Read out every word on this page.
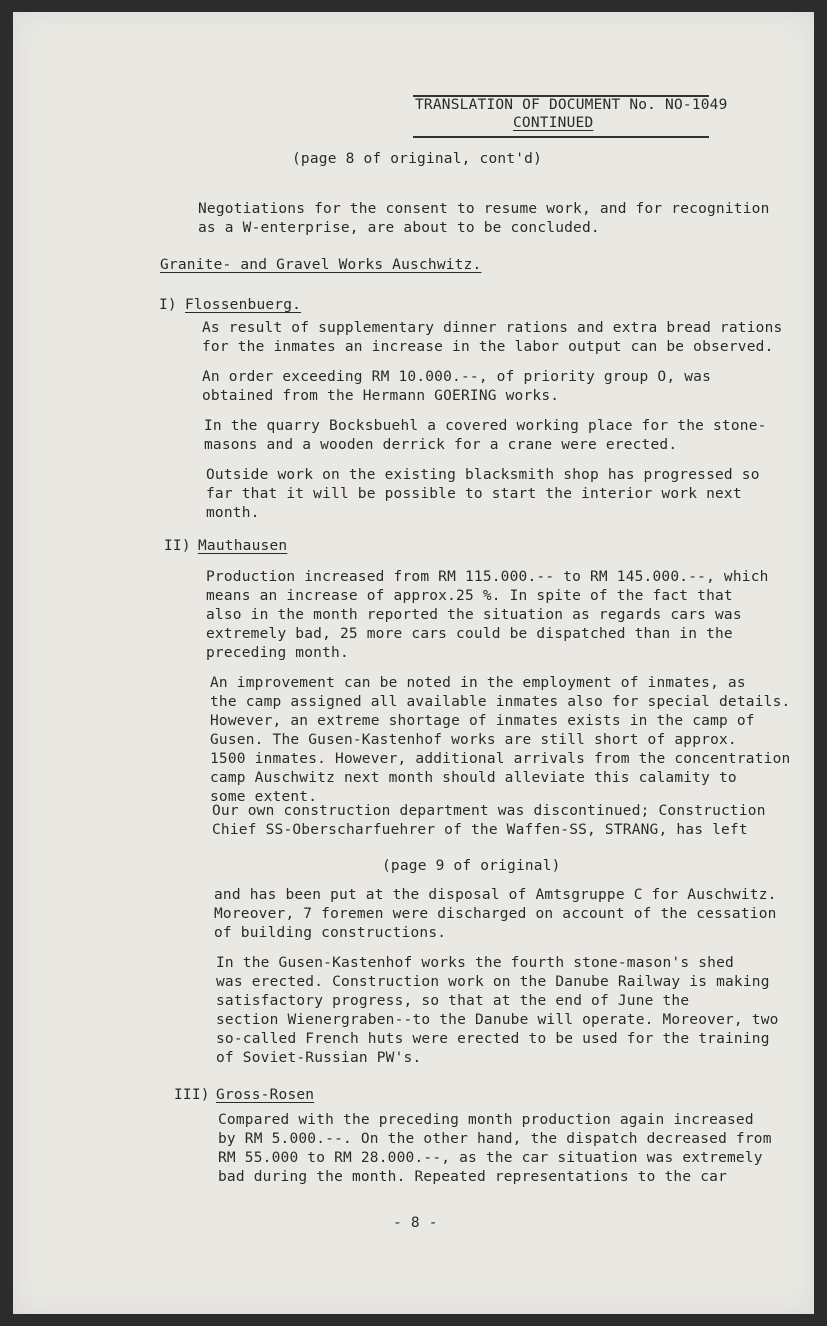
TRANSLATION OF DOCUMENT No. NO-1049
CONTINUED
(page 8 of original, cont'd)
Negotiations for the consent to resume work, and for recognition
as a W-enterprise, are about to be concluded.
Granite- and Gravel Works Auschwitz.
I) Flossenbuerg.
As result of supplementary dinner rations and extra bread rations
for the inmates an increase in the labor output can be observed.
An order exceeding RM 10.000.--, of priority group O, was
obtained from the Hermann GOERING works.
In the quarry Bocksbuehl a covered working place for the stone-
masons and a wooden derrick for a crane were erected.
Outside work on the existing blacksmith shop has progressed so
far that it will be possible to start the interior work next
month.
II) Mauthausen
Production increased from RM 115.000.-- to RM 145.000.--, which
means an increase of approx.25 %. In spite of the fact that
also in the month reported the situation as regards cars was
extremely bad, 25 more cars could be dispatched than in the
preceding month.
An improvement can be noted in the employment of inmates, as
the camp assigned all available inmates also for special details.
However, an extreme shortage of inmates exists in the camp of
Gusen. The Gusen-Kastenhof works are still short of approx.
1500 inmates. However, additional arrivals from the concentration
camp Auschwitz next month should alleviate this calamity to
some extent.
Our own construction department was discontinued; Construction
Chief SS-Oberscharfuehrer of the Waffen-SS, STRANG, has left
(page 9 of original)
and has been put at the disposal of Amtsgruppe C for Auschwitz.
Moreover, 7 foremen were discharged on account of the cessation
of building constructions.
In the Gusen-Kastenhof works the fourth stone-mason's shed
was erected. Construction work on the Danube Railway is making
satisfactory progress, so that at the end of June the
section Wienergraben--to the Danube will operate. Moreover, two
so-called French huts were erected to be used for the training
of Soviet-Russian PW's.
III) Gross-Rosen
Compared with the preceding month production again increased
by RM 5.000.--. On the other hand, the dispatch decreased from
RM 55.000 to RM 28.000.--, as the car situation was extremely
bad during the month. Repeated representations to the car
- 8 -
